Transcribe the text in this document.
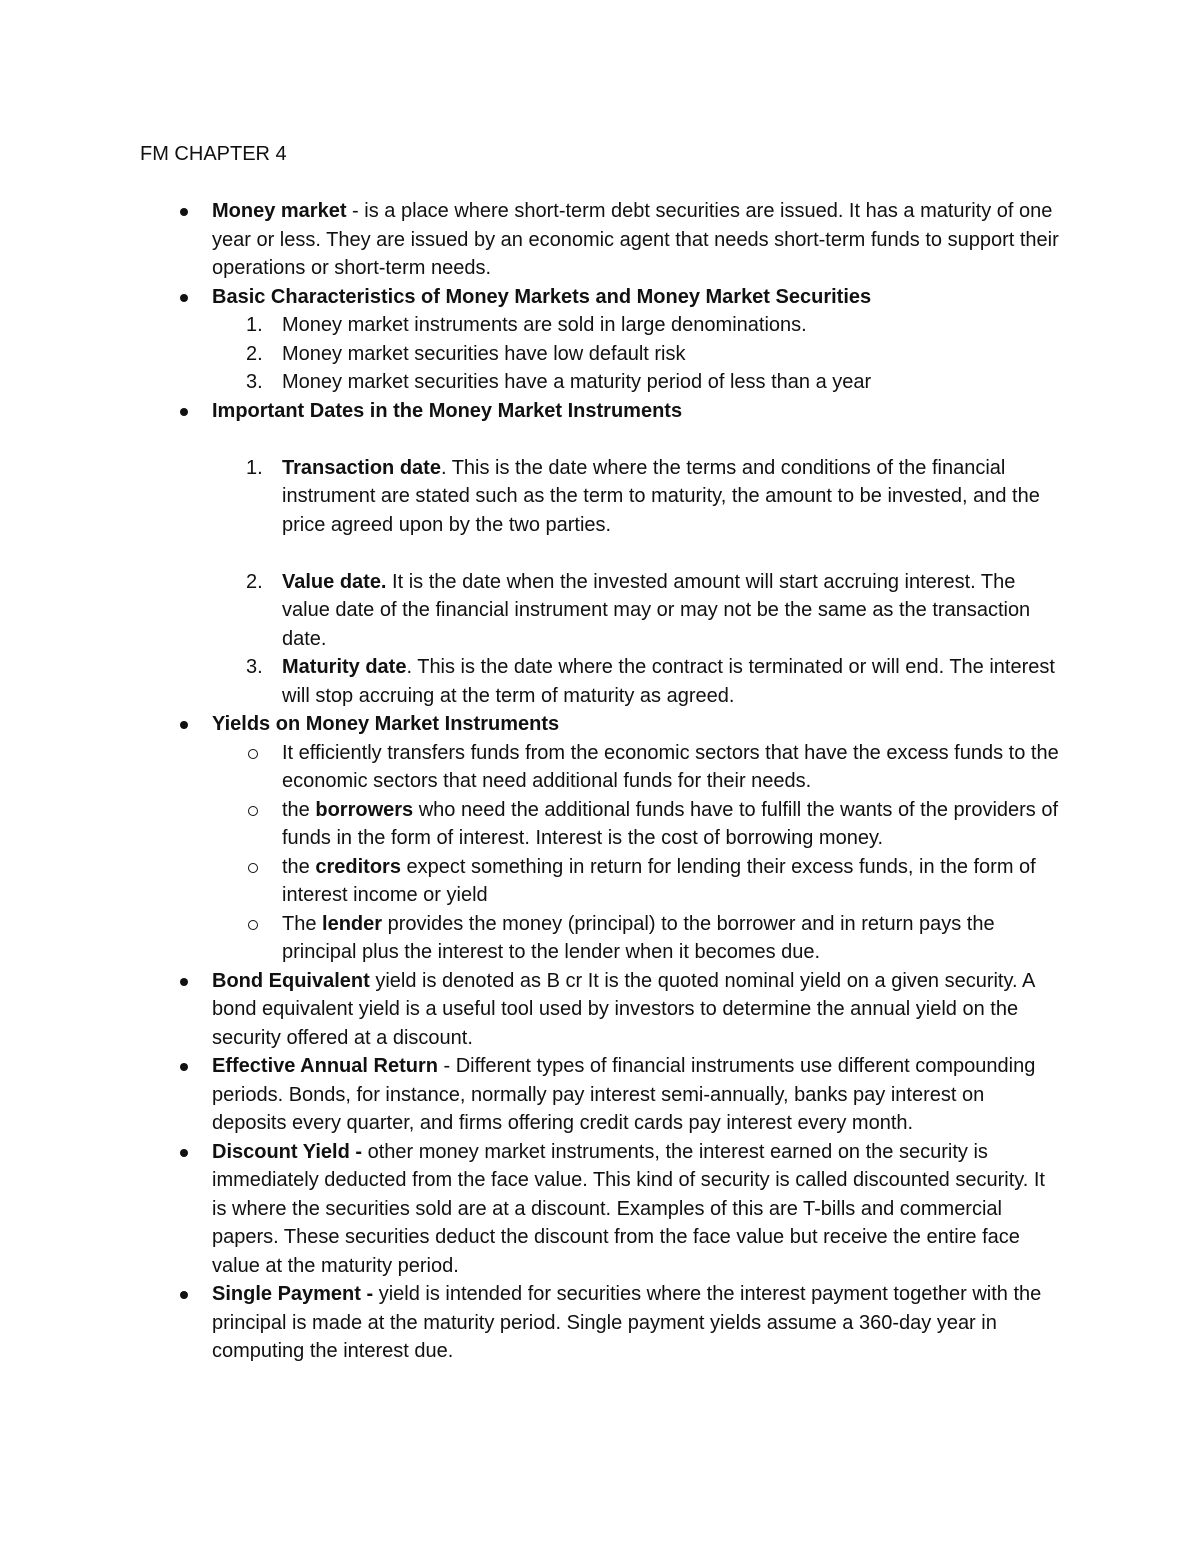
FM CHAPTER 4
Money market - is a place where short-term debt securities are issued. It has a maturity of one year or less. They are issued by an economic agent that needs short-term funds to support their operations or short-term needs.
Basic Characteristics of Money Markets and Money Market Securities
1. Money market instruments are sold in large denominations.
2. Money market securities have low default risk
3. Money market securities have a maturity period of less than a year
Important Dates in the Money Market Instruments
1. Transaction date. This is the date where the terms and conditions of the financial instrument are stated such as the term to maturity, the amount to be invested, and the price agreed upon by the two parties.
2. Value date. It is the date when the invested amount will start accruing interest. The value date of the financial instrument may or may not be the same as the transaction date.
3. Maturity date. This is the date where the contract is terminated or will end. The interest will stop accruing at the term of maturity as agreed.
Yields on Money Market Instruments
It efficiently transfers funds from the economic sectors that have the excess funds to the economic sectors that need additional funds for their needs.
the borrowers who need the additional funds have to fulfill the wants of the providers of funds in the form of interest. Interest is the cost of borrowing money.
the creditors expect something in return for lending their excess funds, in the form of interest income or yield
The lender provides the money (principal) to the borrower and in return pays the principal plus the interest to the lender when it becomes due.
Bond Equivalent yield is denoted as B cr It is the quoted nominal yield on a given security. A bond equivalent yield is a useful tool used by investors to determine the annual yield on the security offered at a discount.
Effective Annual Return - Different types of financial instruments use different compounding periods. Bonds, for instance, normally pay interest semi-annually, banks pay interest on deposits every quarter, and firms offering credit cards pay interest every month.
Discount Yield - other money market instruments, the interest earned on the security is immediately deducted from the face value. This kind of security is called discounted security. It is where the securities sold are at a discount. Examples of this are T-bills and commercial papers. These securities deduct the discount from the face value but receive the entire face value at the maturity period.
Single Payment - yield is intended for securities where the interest payment together with the principal is made at the maturity period. Single payment yields assume a 360-day year in computing the interest due.
